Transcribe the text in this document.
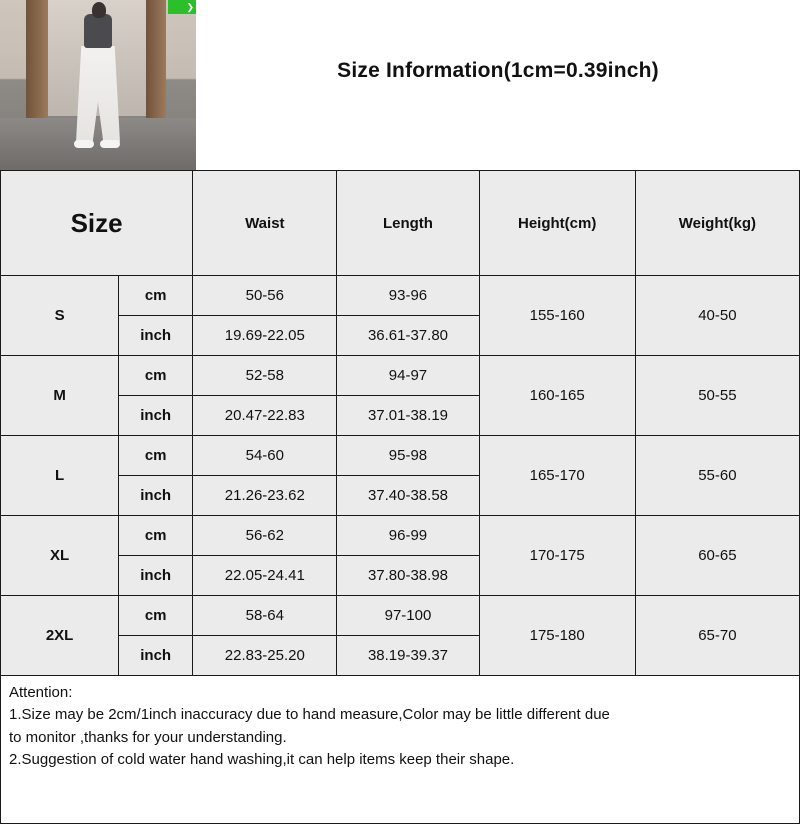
❯
Size Information(1cm=0.39inch)
Size		Waist	Length	Height(cm)	Weight(kg)
S	cm	50-56	93-96	155-160	40-50
	inch	19.69-22.05	36.61-37.80		
M	cm	52-58	94-97	160-165	50-55
	inch	20.47-22.83	37.01-38.19		
L	cm	54-60	95-98	165-170	55-60
	inch	21.26-23.62	37.40-38.58		
XL	cm	56-62	96-99	170-175	60-65
	inch	22.05-24.41	37.80-38.98		
2XL	cm	58-64	97-100	175-180	65-70
	inch	22.83-25.20	38.19-39.37		

Attention:

1.Size may be 2cm/1inch inaccuracy due to hand measure,Color may be little different due

to monitor ,thanks for your understanding.

2.Suggestion of cold water hand washing,it can help items keep their shape.
